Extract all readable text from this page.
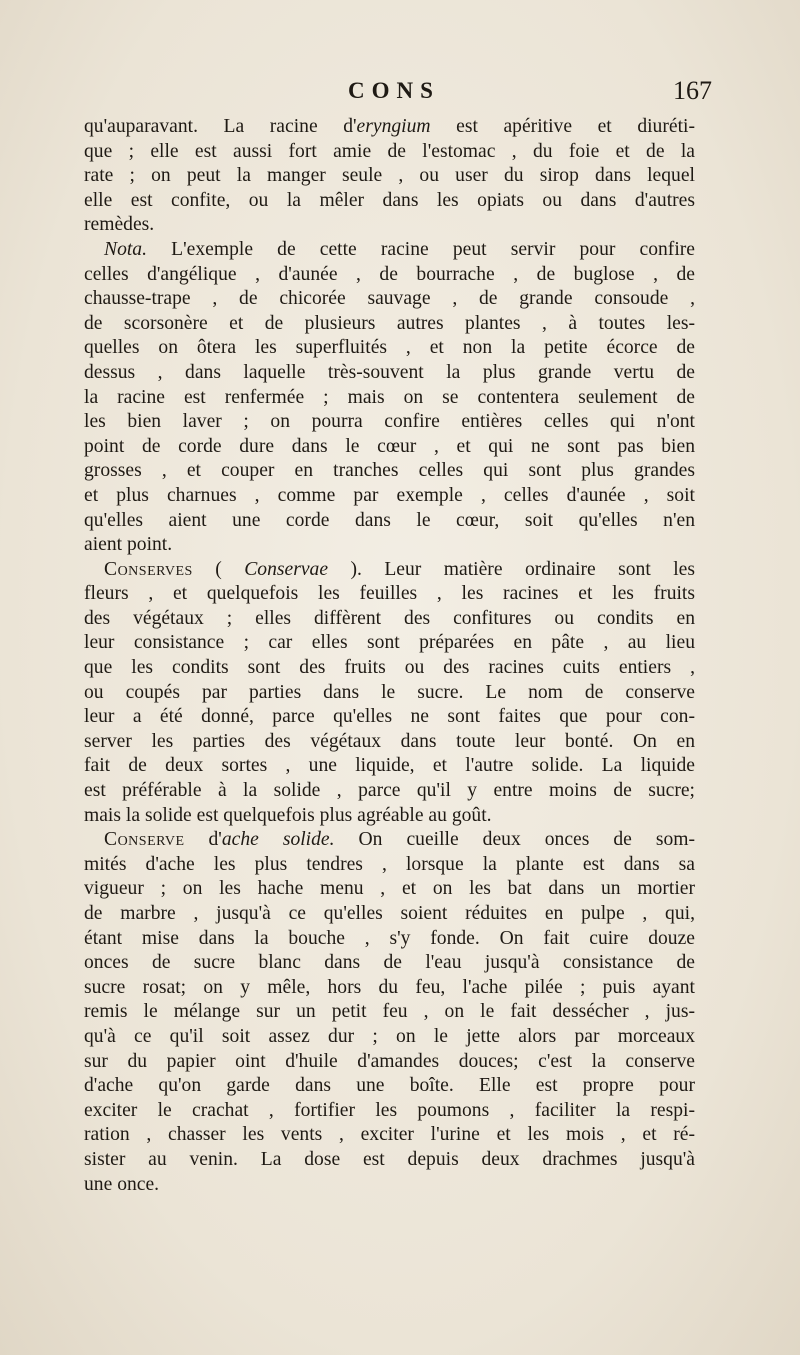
CONS	167
qu'auparavant. La racine d'eryngium est apéritive et diuréti-
que ; elle est aussi fort amie de l'estomac , du foie et de la
rate ; on peut la manger seule , ou user du sirop dans lequel
elle est confite, ou la mêler dans les opiats ou dans d'autres
remèdes.
Nota. L'exemple de cette racine peut servir pour confire
celles d'angélique , d'aunée , de bourrache , de buglose , de
chausse-trape , de chicorée sauvage , de grande consoude ,
de scorsonère et de plusieurs autres plantes , à toutes les-
quelles on ôtera les superfluités , et non la petite écorce de
dessus , dans laquelle très-souvent la plus grande vertu de
la racine est renfermée ; mais on se contentera seulement de
les bien laver ; on pourra confire entières celles qui n'ont
point de corde dure dans le cœur , et qui ne sont pas bien
grosses , et couper en tranches celles qui sont plus grandes
et plus charnues , comme par exemple , celles d'aunée , soit
qu'elles aient une corde dans le cœur, soit qu'elles n'en
aient point.
Conserves ( Conservae ). Leur matière ordinaire sont les
fleurs , et quelquefois les feuilles , les racines et les fruits
des végétaux ; elles diffèrent des confitures ou condits en
leur consistance ; car elles sont préparées en pâte , au lieu
que les condits sont des fruits ou des racines cuits entiers ,
ou coupés par parties dans le sucre. Le nom de conserve
leur a été donné, parce qu'elles ne sont faites que pour con-
server les parties des végétaux dans toute leur bonté. On en
fait de deux sortes , une liquide, et l'autre solide. La liquide
est préférable à la solide , parce qu'il y entre moins de sucre;
mais la solide est quelquefois plus agréable au goût.
Conserve d'ache solide. On cueille deux onces de som-
mités d'ache les plus tendres , lorsque la plante est dans sa
vigueur ; on les hache menu , et on les bat dans un mortier
de marbre , jusqu'à ce qu'elles soient réduites en pulpe , qui,
étant mise dans la bouche , s'y fonde. On fait cuire douze
onces de sucre blanc dans de l'eau jusqu'à consistance de
sucre rosat; on y mêle, hors du feu, l'ache pilée ; puis ayant
remis le mélange sur un petit feu , on le fait dessécher , jus-
qu'à ce qu'il soit assez dur ; on le jette alors par morceaux
sur du papier oint d'huile d'amandes douces; c'est la conserve
d'ache qu'on garde dans une boîte. Elle est propre pour
exciter le crachat , fortifier les poumons , faciliter la respi-
ration , chasser les vents , exciter l'urine et les mois , et ré-
sister au venin. La dose est depuis deux drachmes jusqu'à
une once.
